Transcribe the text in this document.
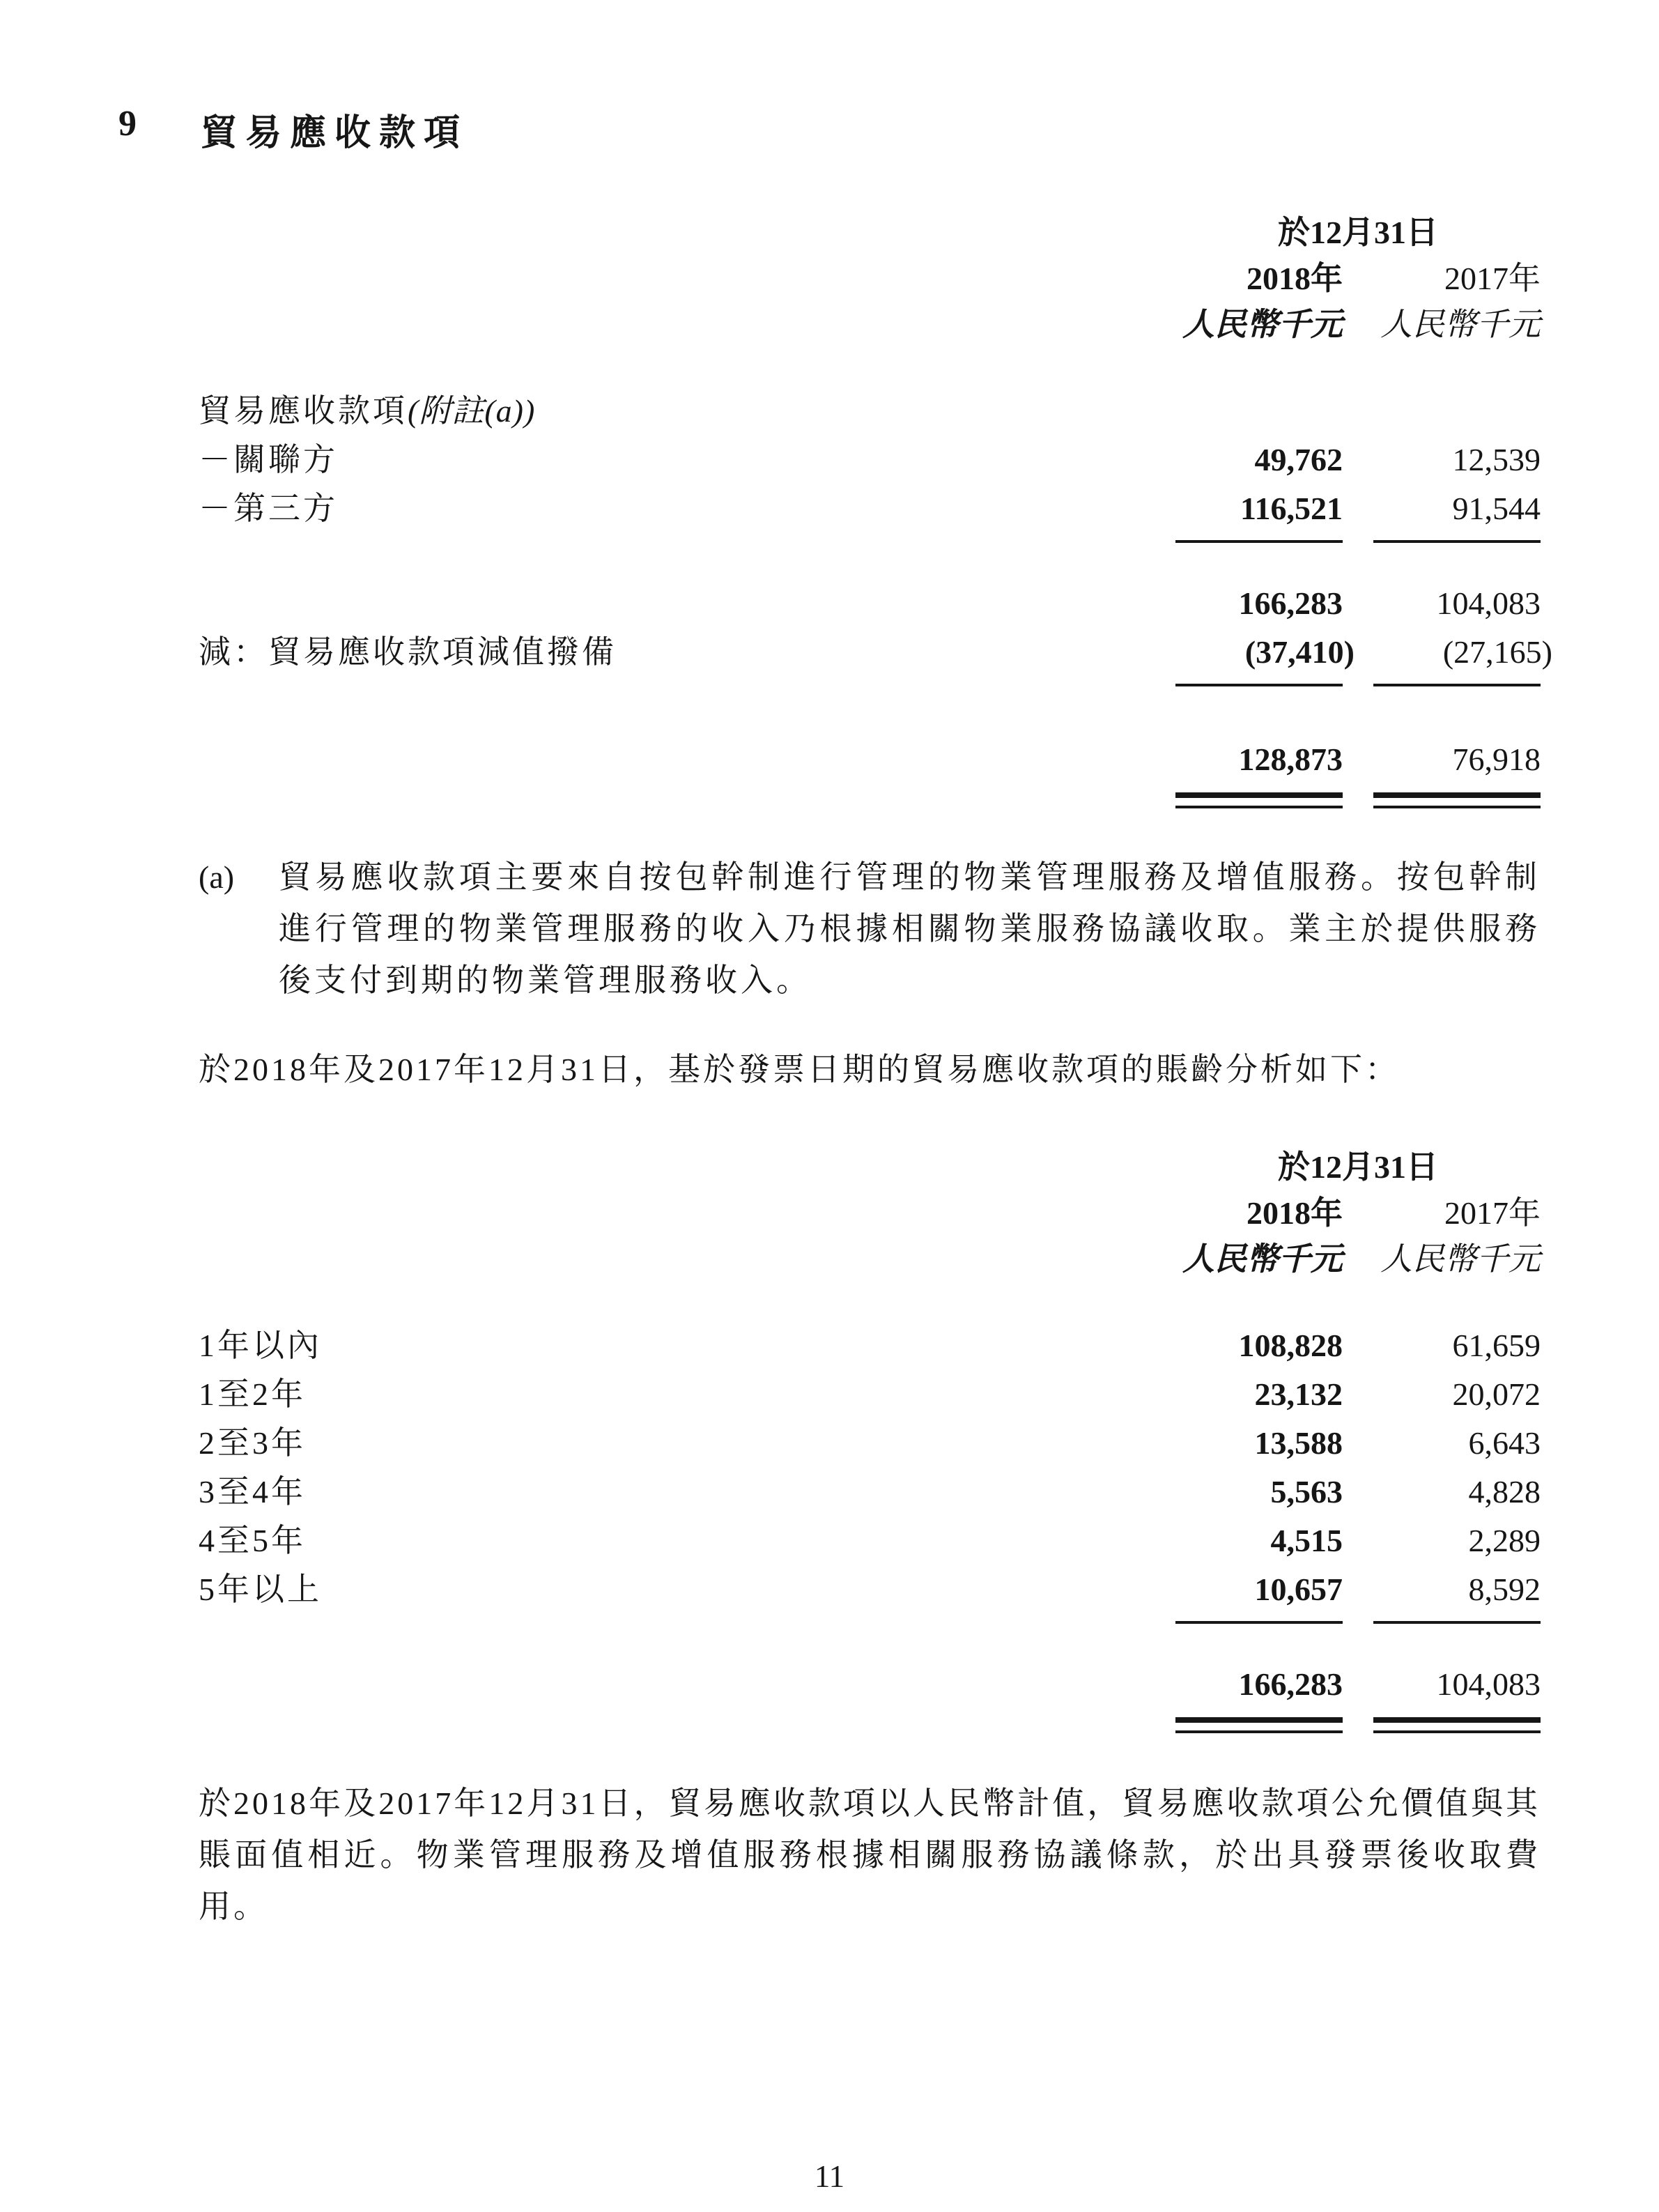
9	貿易應收款項
於12月31日
2018年	2017年
人民幣千元 人民幣千元
貿易應收款項(附註(a))
－關聯方	49,762	12,539
－第三方	116,521	91,544
166,283	104,083
減：貿易應收款項減值撥備	(37,410)	(27,165)
128,873	76,918
(a)	貿易應收款項主要來自按包幹制進行管理的物業管理服務及增值服務。按包幹制進行管理的物業管理服務的收入乃根據相關物業服務協議收取。業主於提供服務後支付到期的物業管理服務收入。
於2018年及2017年12月31日，基於發票日期的貿易應收款項的賬齡分析如下：
於12月31日
2018年	2017年
人民幣千元 人民幣千元
1年以內	108,828	61,659
1至2年	23,132	20,072
2至3年	13,588	6,643
3至4年	5,563	4,828
4至5年	4,515	2,289
5年以上	10,657	8,592
166,283	104,083
於2018年及2017年12月31日，貿易應收款項以人民幣計值，貿易應收款項公允價值與其賬面值相近。物業管理服務及增值服務根據相關服務協議條款，於出具發票後收取費用。
11
